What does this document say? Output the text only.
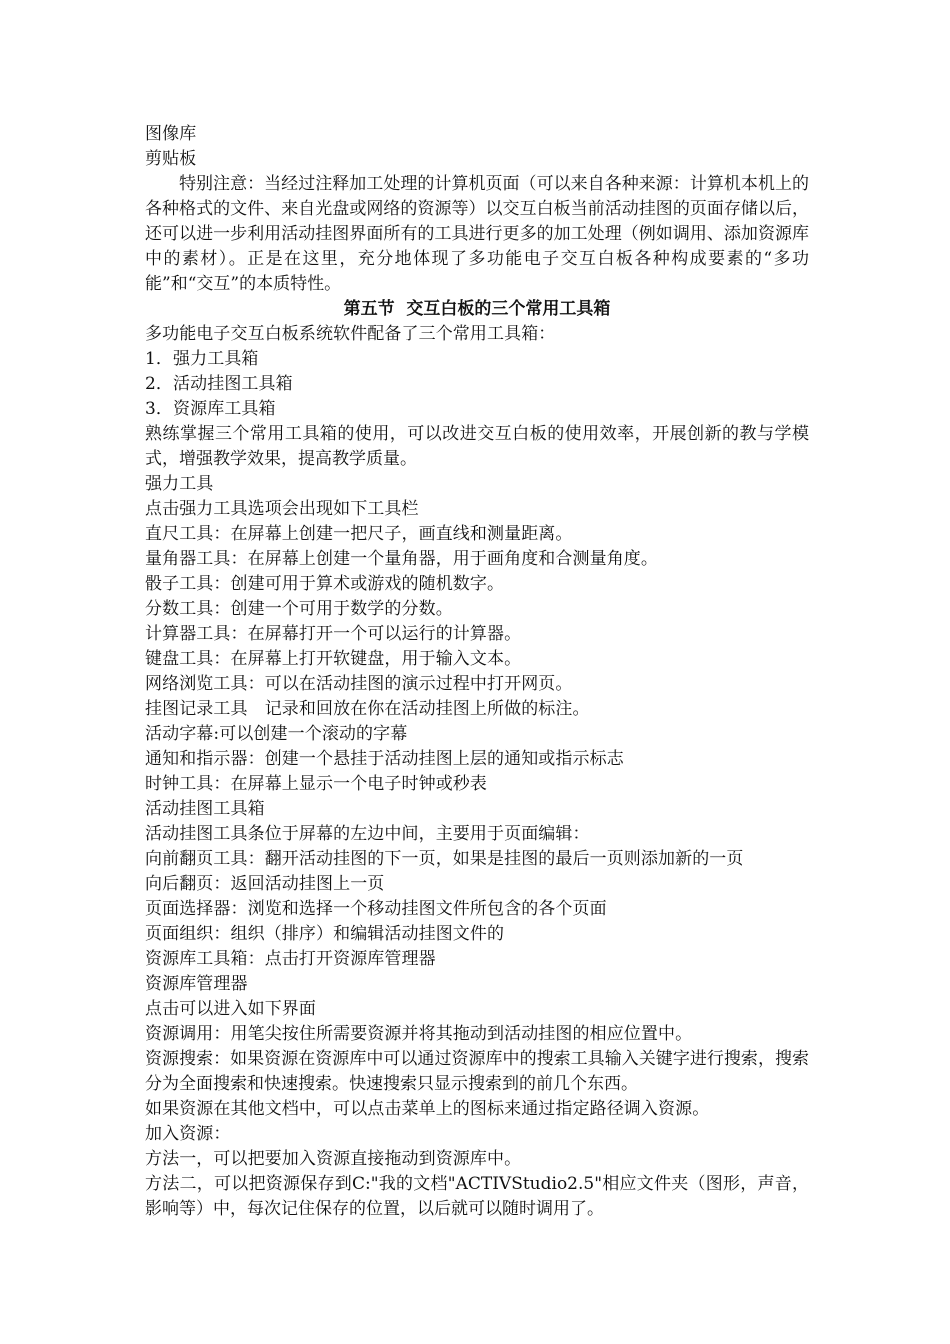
图像库
剪贴板
特别注意：当经过注释加工处理的计算机页面（可以来自各种来源：计算机本机上的各种格式的文件、来自光盘或网络的资源等）以交互白板当前活动挂图的页面存储以后，还可以进一步利用活动挂图界面所有的工具进行更多的加工处理（例如调用、添加资源库中的素材）。正是在这里，充分地体现了多功能电子交互白板各种构成要素的“多功能”和“交互”的本质特性。
第五节  交互白板的三个常用工具箱
多功能电子交互白板系统软件配备了三个常用工具箱：
1．强力工具箱
2．活动挂图工具箱
3．资源库工具箱
熟练掌握三个常用工具箱的使用，可以改进交互白板的使用效率，开展创新的教与学模式，增强教学效果，提高教学质量。
强力工具
点击强力工具选项会出现如下工具栏
直尺工具：在屏幕上创建一把尺子，画直线和测量距离。
量角器工具：在屏幕上创建一个量角器，用于画角度和合测量角度。
骰子工具：创建可用于算术或游戏的随机数字。
分数工具：创建一个可用于数学的分数。
计算器工具：在屏幕打开一个可以运行的计算器。
键盘工具：在屏幕上打开软键盘，用于输入文本。
网络浏览工具：可以在活动挂图的演示过程中打开网页。
挂图记录工具　记录和回放在你在活动挂图上所做的标注。
活动字幕:可以创建一个滚动的字幕
通知和指示器：创建一个悬挂于活动挂图上层的通知或指示标志
时钟工具：在屏幕上显示一个电子时钟或秒表
活动挂图工具箱
活动挂图工具条位于屏幕的左边中间，主要用于页面编辑：
向前翻页工具：翻开活动挂图的下一页，如果是挂图的最后一页则添加新的一页
向后翻页：返回活动挂图上一页
页面选择器：浏览和选择一个移动挂图文件所包含的各个页面
页面组织：组织（排序）和编辑活动挂图文件的
资源库工具箱：点击打开资源库管理器
资源库管理器
点击可以进入如下界面
资源调用：用笔尖按住所需要资源并将其拖动到活动挂图的相应位置中。
资源搜索：如果资源在资源库中可以通过资源库中的搜索工具输入关键字进行搜索，搜索分为全面搜索和快速搜索。快速搜索只显示搜索到的前几个东西。
如果资源在其他文档中，可以点击菜单上的图标来通过指定路径调入资源。
加入资源：
方法一，可以把要加入资源直接拖动到资源库中。
方法二，可以把资源保存到C:"我的文档"ACTIVStudio2.5"相应文件夹（图形，声音，影响等）中，每次记住保存的位置，以后就可以随时调用了。
